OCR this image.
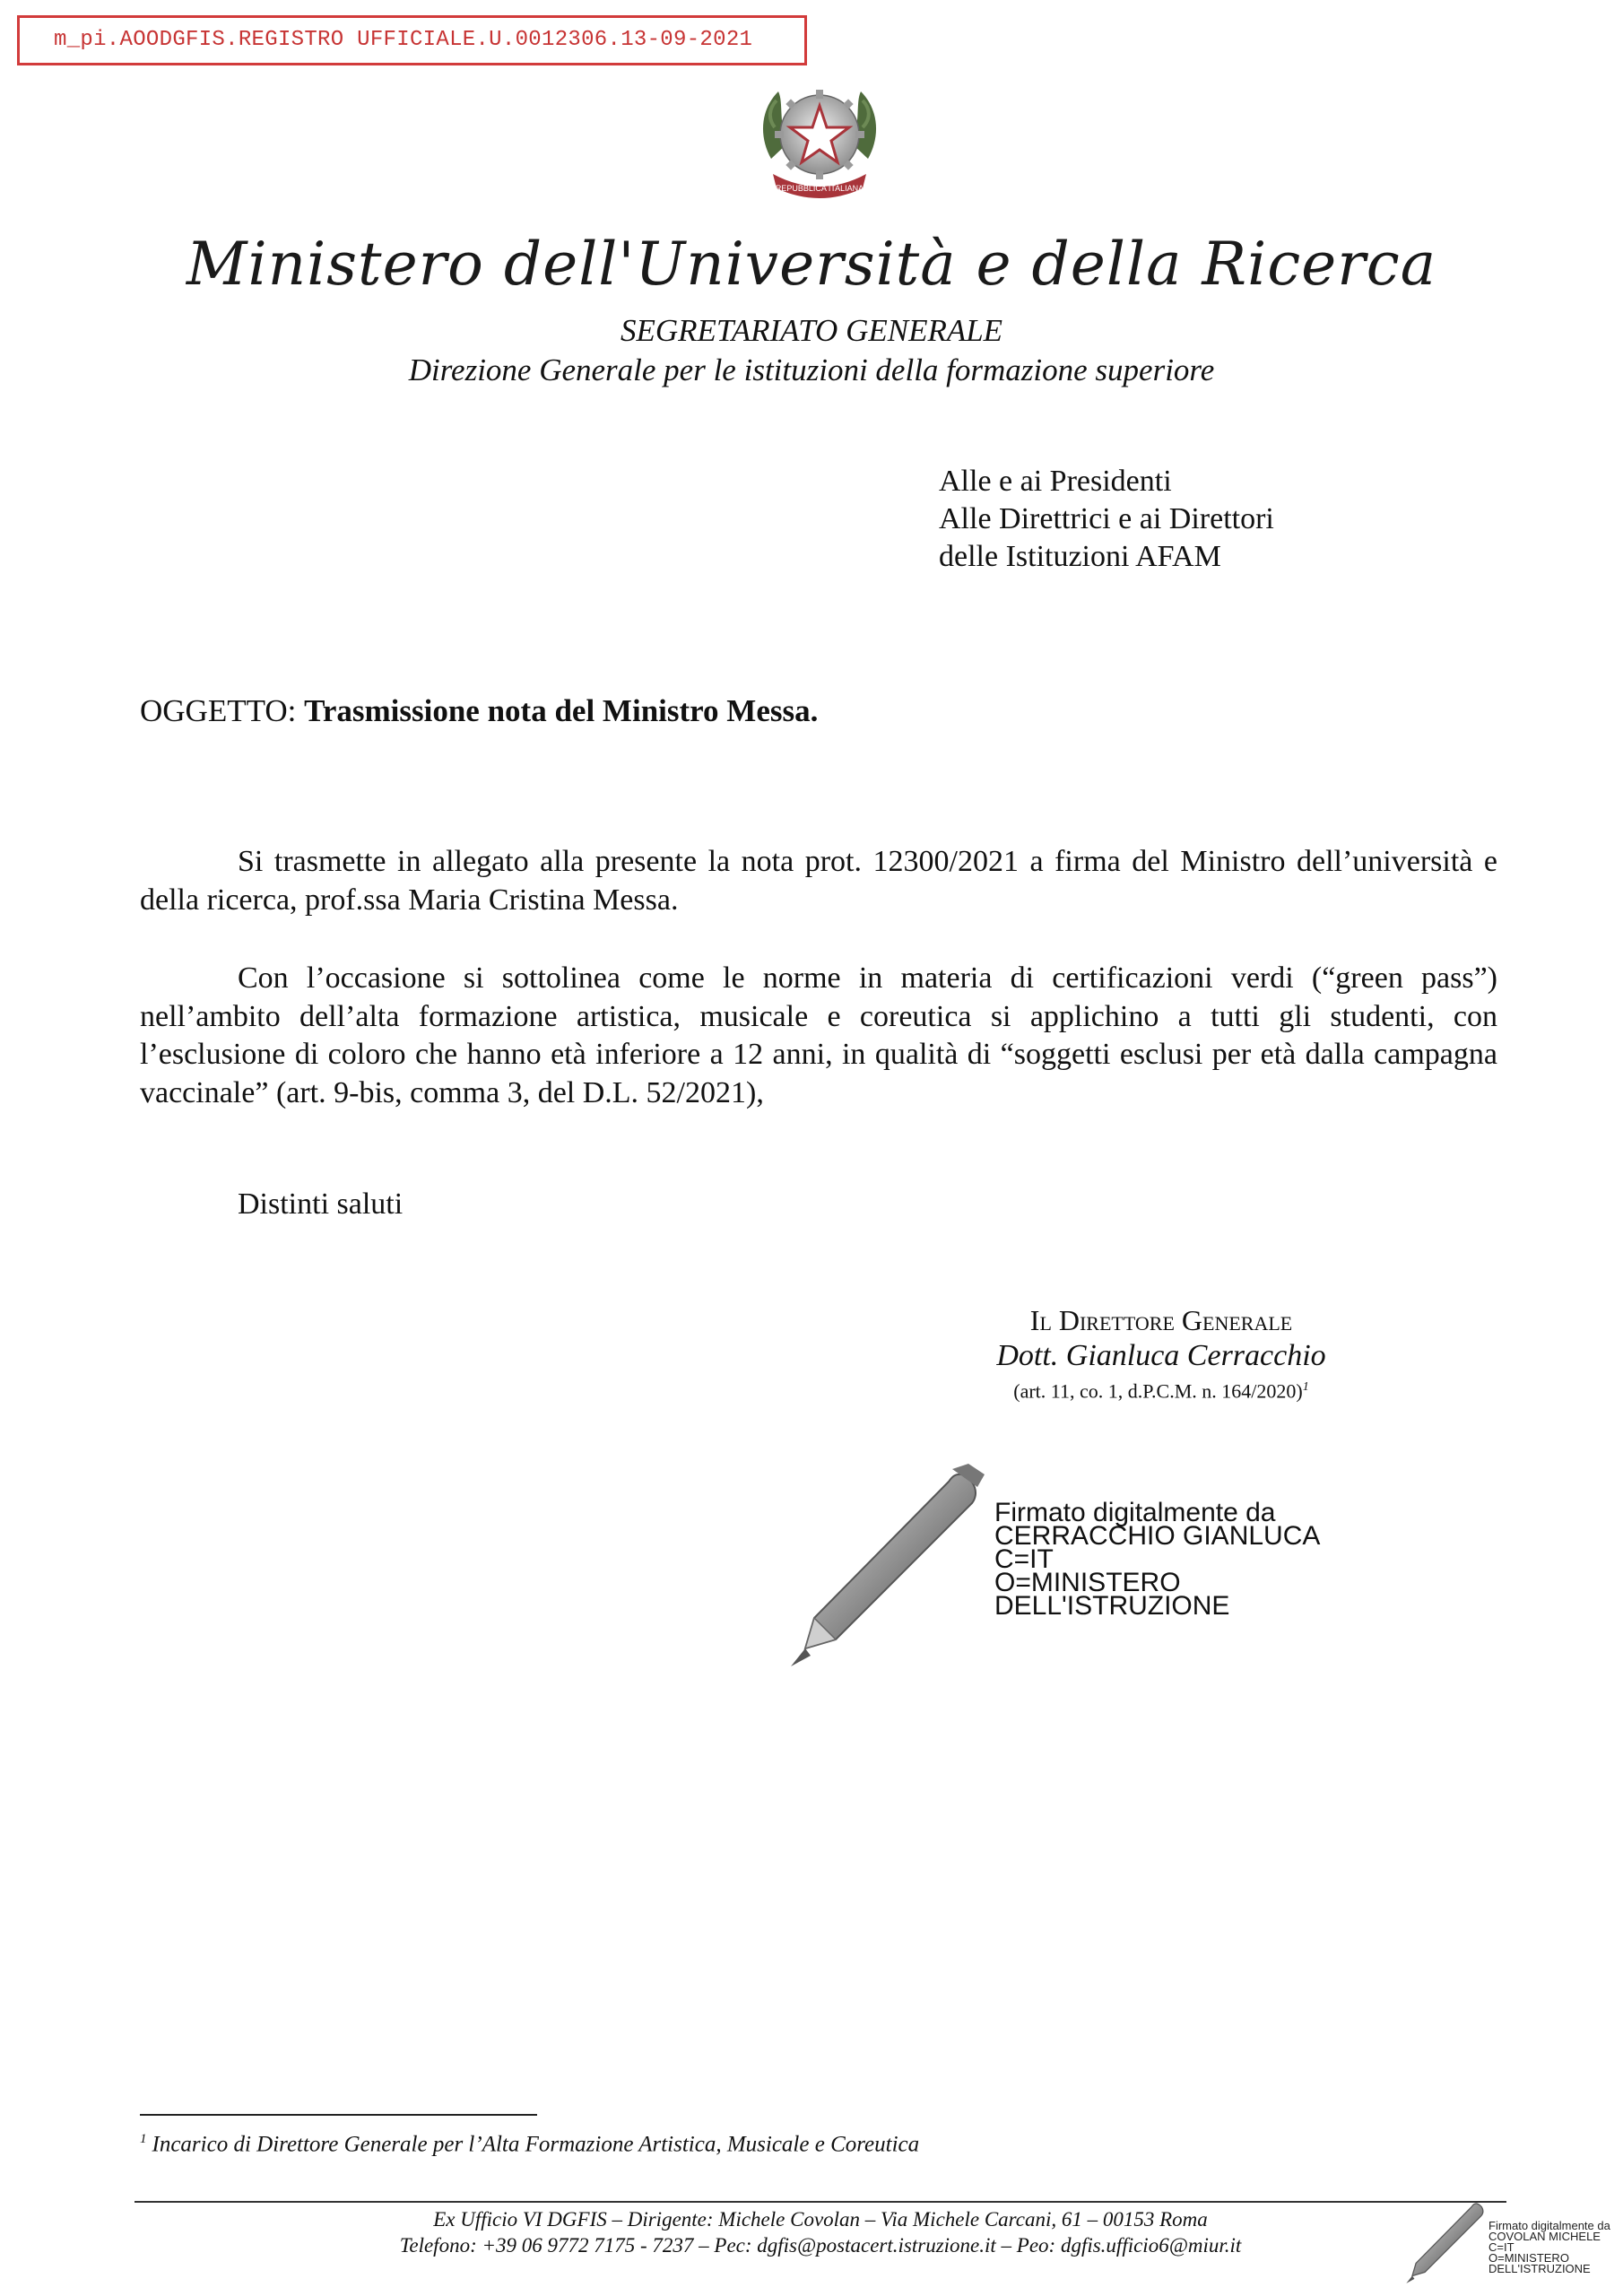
m_pi.AOODGFIS.REGISTRO UFFICIALE.U.0012306.13-09-2021
REPUBBLICA ITALIANA
Ministero dell'Università e della Ricerca
SEGRETARIATO GENERALE
Direzione Generale per le istituzioni della formazione superiore
Alle e ai Presidenti
Alle Direttrici e ai Direttori
delle Istituzioni AFAM
OGGETTO: Trasmissione nota del Ministro Messa.
Si trasmette in allegato alla presente la nota prot. 12300/2021 a firma del Ministro dell’università e della ricerca, prof.ssa Maria Cristina Messa.
Con l’occasione si sottolinea come le norme in materia di certificazioni verdi (“green pass”) nell’ambito dell’alta formazione artistica, musicale e coreutica si applichino a tutti gli studenti, con l’esclusione di coloro che hanno età inferiore a 12 anni, in qualità di “soggetti esclusi per età dalla campagna vaccinale” (art. 9-bis, comma 3, del D.L. 52/2021),
Distinti saluti
Il Direttore Generale
Dott. Gianluca Cerracchio
(art. 11, co. 1, d.P.C.M. n. 164/2020)$^1$
Firmato digitalmente da
CERRACCHIO GIANLUCA
C=IT
O=MINISTERO
DELL'ISTRUZIONE
$^1$ Incarico di Direttore Generale per l’Alta Formazione Artistica, Musicale e Coreutica
Ex Ufficio VI DGFIS – Dirigente: Michele Covolan – Via Michele Carcani, 61 – 00153 Roma
Telefono: +39 06 9772 7175 - 7237 – Pec: dgfis@postacert.istruzione.it – Peo: dgfis.ufficio6@miur.it
Firmato digitalmente da
COVOLAN MICHELE
C=IT
O=MINISTERO
DELL'ISTRUZIONE
